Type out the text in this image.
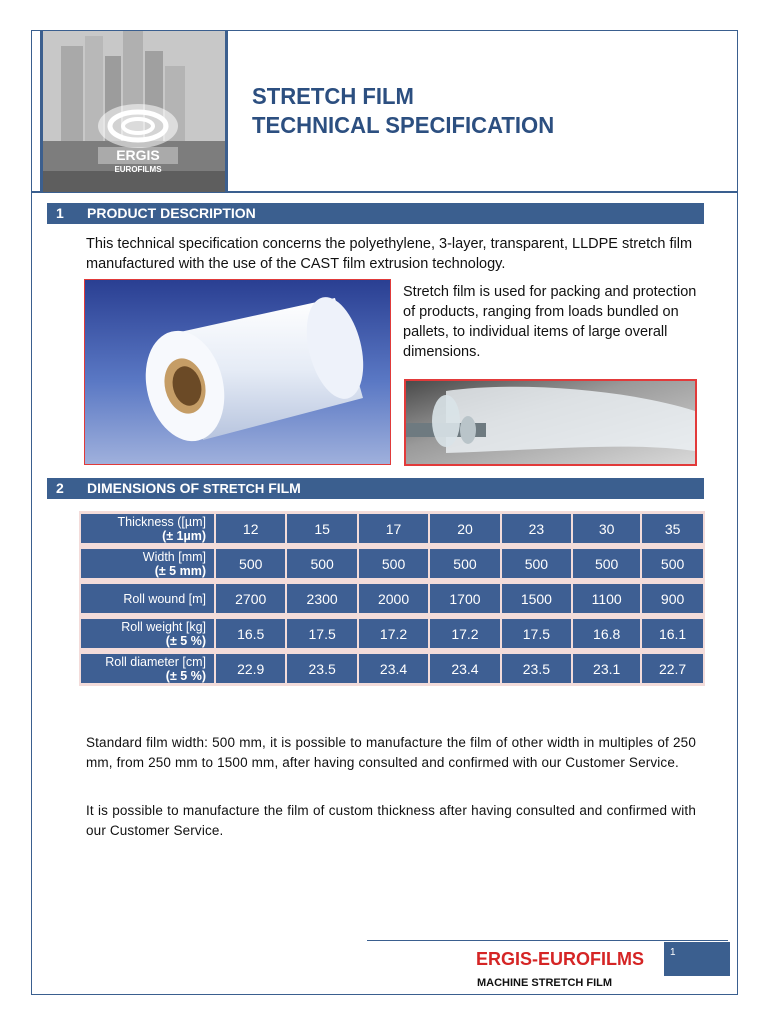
ERGIS
EUROFILMS
STRETCH FILM
TECHNICAL SPECIFICATION
1 PRODUCT DESCRIPTION
This technical specification concerns the polyethylene, 3-layer, transparent, LLDPE stretch film manufactured with the use of the CAST film extrusion technology.
Stretch film is used for packing and protection of products, ranging from loads bundled on pallets, to individual items of large overall dimensions.
2 DIMENSIONS OF STRETCH FILM
Thickness ([µm]
(± 1µm)	12	15	17	20	23	30	35
Width [mm]
(± 5 mm)	500	500	500	500	500	500	500
Roll wound [m]	2700	2300	2000	1700	1500	1100	900
Roll weight [kg]
(± 5 %)	16.5	17.5	17.2	17.2	17.5	16.8	16.1
Roll diameter [cm]
(± 5 %)	22.9	23.5	23.4	23.4	23.5	23.1	22.7
Standard film width: 500 mm, it is possible to manufacture the film of other width in multiples of 250 mm, from 250 mm to 1500 mm, after having consulted and confirmed with our Customer Service.
It is possible to manufacture the film of custom thickness after having consulted and confirmed with our Customer Service.
ERGIS-EUROFILMS	1
MACHINE STRETCH FILM
